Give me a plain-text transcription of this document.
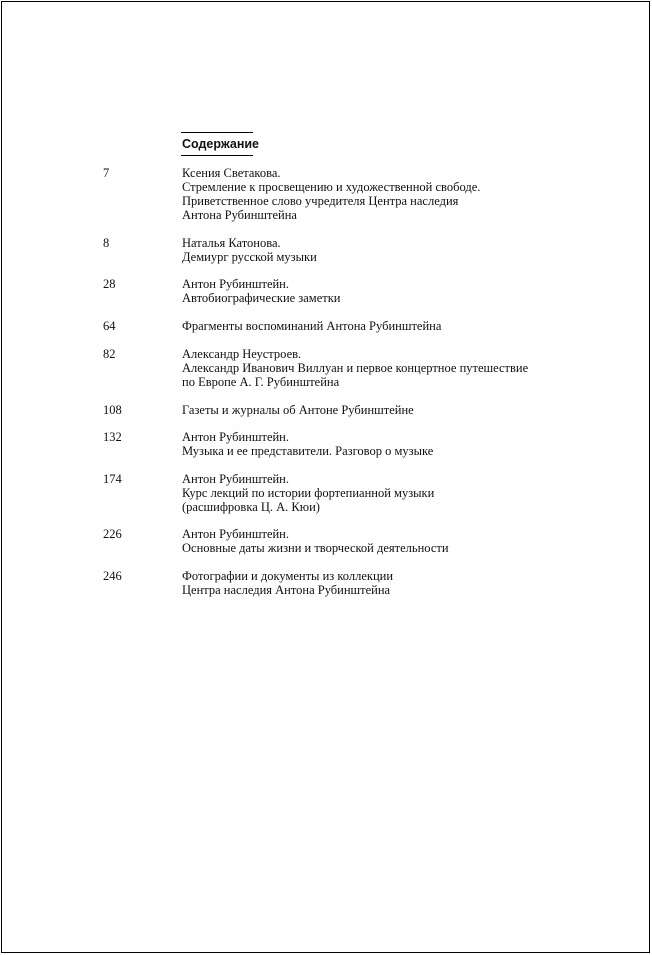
Содержание
7	Ксения Светакова.
Стремление к просвещению и художественной свободе.
Приветственное слово учредителя Центра наследия
Антона Рубинштейна
8	Наталья Катонова.
Демиург русской музыки
28	Антон Рубинштейн.
Автобиографические заметки
64	Фрагменты воспоминаний Антона Рубинштейна
82	Александр Неустроев.
Александр Иванович Виллуан и первое концертное путешествие
по Европе А. Г. Рубинштейна
108	Газеты и журналы об Антоне Рубинштейне
132	Антон Рубинштейн.
Музыка и ее представители. Разговор о музыке
174	Антон Рубинштейн.
Курс лекций по истории фортепианной музыки
(расшифровка Ц. А. Кюи)
226	Антон Рубинштейн.
Основные даты жизни и творческой деятельности
246	Фотографии и документы из коллекции
Центра наследия Антона Рубинштейна
